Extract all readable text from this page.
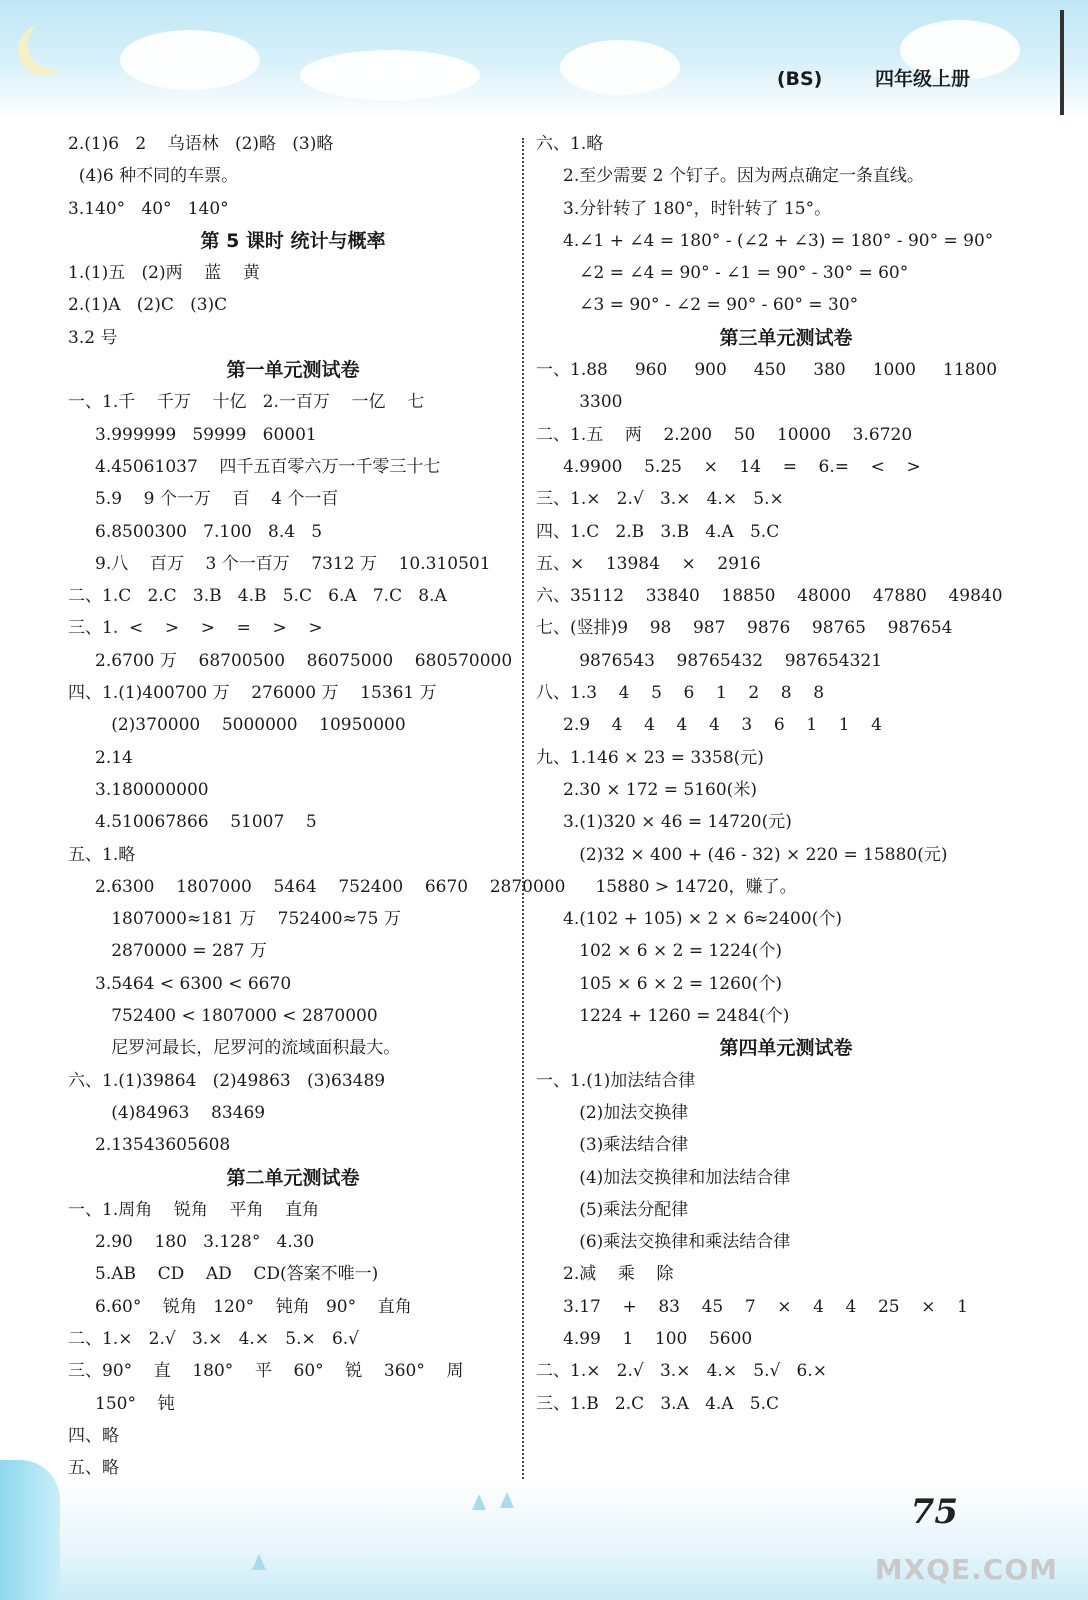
(BS)	四年级上册
2.(1)6   2    乌语林   (2)略   (3)略
(4)6 种不同的车票。
3.140°   40°   140°
第 5 课时 统计与概率
1.(1)五   (2)两    蓝    黄
2.(1)A   (2)C   (3)C
3.2 号
第一单元测试卷
一、1.千    千万    十亿   2.一百万    一亿    七
3.999999   59999   60001
4.45061037    四千五百零六万一千零三十七
5.9    9 个一万    百    4 个一百
6.8500300   7.100   8.4   5
9.八    百万    3 个一百万    7312 万    10.310501
二、1.C   2.C   3.B   4.B   5.C   6.A   7.C   8.A
三、1.  <    >    >    =    >    >
2.6700 万    68700500    86075000    680570000
四、1.(1)400700 万    276000 万    15361 万
(2)370000    5000000    10950000
2.14
3.180000000
4.510067866    51007    5
五、1.略
2.6300    1807000    5464    752400    6670    2870000
1807000≈181 万    752400≈75 万
2870000 = 287 万
3.5464 < 6300 < 6670
752400 < 1807000 < 2870000
尼罗河最长，尼罗河的流域面积最大。
六、1.(1)39864   (2)49863   (3)63489
(4)84963    83469
2.13543605608
第二单元测试卷
一、1.周角    锐角    平角    直角
2.90    180   3.128°   4.30
5.AB    CD    AD    CD(答案不唯一)
6.60°    锐角   120°    钝角   90°    直角
二、1.×   2.√   3.×   4.×   5.×   6.√
三、90°    直    180°    平    60°    锐    360°    周
150°    钝
四、略
五、略
六、1.略
2.至少需要 2 个钉子。因为两点确定一条直线。
3.分针转了 180°，时针转了 15°。
4.∠1 + ∠4 = 180° - (∠2 + ∠3) = 180° - 90° = 90°
∠2 = ∠4 = 90° - ∠1 = 90° - 30° = 60°
∠3 = 90° - ∠2 = 90° - 60° = 30°
第三单元测试卷
一、1.88     960     900     450     380     1000     11800
3300
二、1.五    两    2.200    50    10000    3.6720
4.9900    5.25    ×    14    =    6.=    <    >
三、1.×   2.√   3.×   4.×   5.×
四、1.C   2.B   3.B   4.A   5.C
五、×    13984    ×    2916
六、35112    33840    18850    48000    47880    49840
七、(竖排)9    98    987    9876    98765    987654
9876543    98765432    987654321
八、1.3    4    5    6    1    2    8    8
2.9    4    4    4    4    3    6    1    1    4
九、1.146 × 23 = 3358(元)
2.30 × 172 = 5160(米)
3.(1)320 × 46 = 14720(元)
(2)32 × 400 + (46 - 32) × 220 = 15880(元)
15880 > 14720，赚了。
4.(102 + 105) × 2 × 6≈2400(个)
102 × 6 × 2 = 1224(个)
105 × 6 × 2 = 1260(个)
1224 + 1260 = 2484(个)
第四单元测试卷
一、1.(1)加法结合律
(2)加法交换律
(3)乘法结合律
(4)加法交换律和加法结合律
(5)乘法分配律
(6)乘法交换律和乘法结合律
2.减    乘    除
3.17    +    83    45    7    ×    4    4    25    ×    1
4.99    1    100    5600
二、1.×   2.√   3.×   4.×   5.√   6.×
三、1.B   2.C   3.A   4.A   5.C
75
MXQE.COM
